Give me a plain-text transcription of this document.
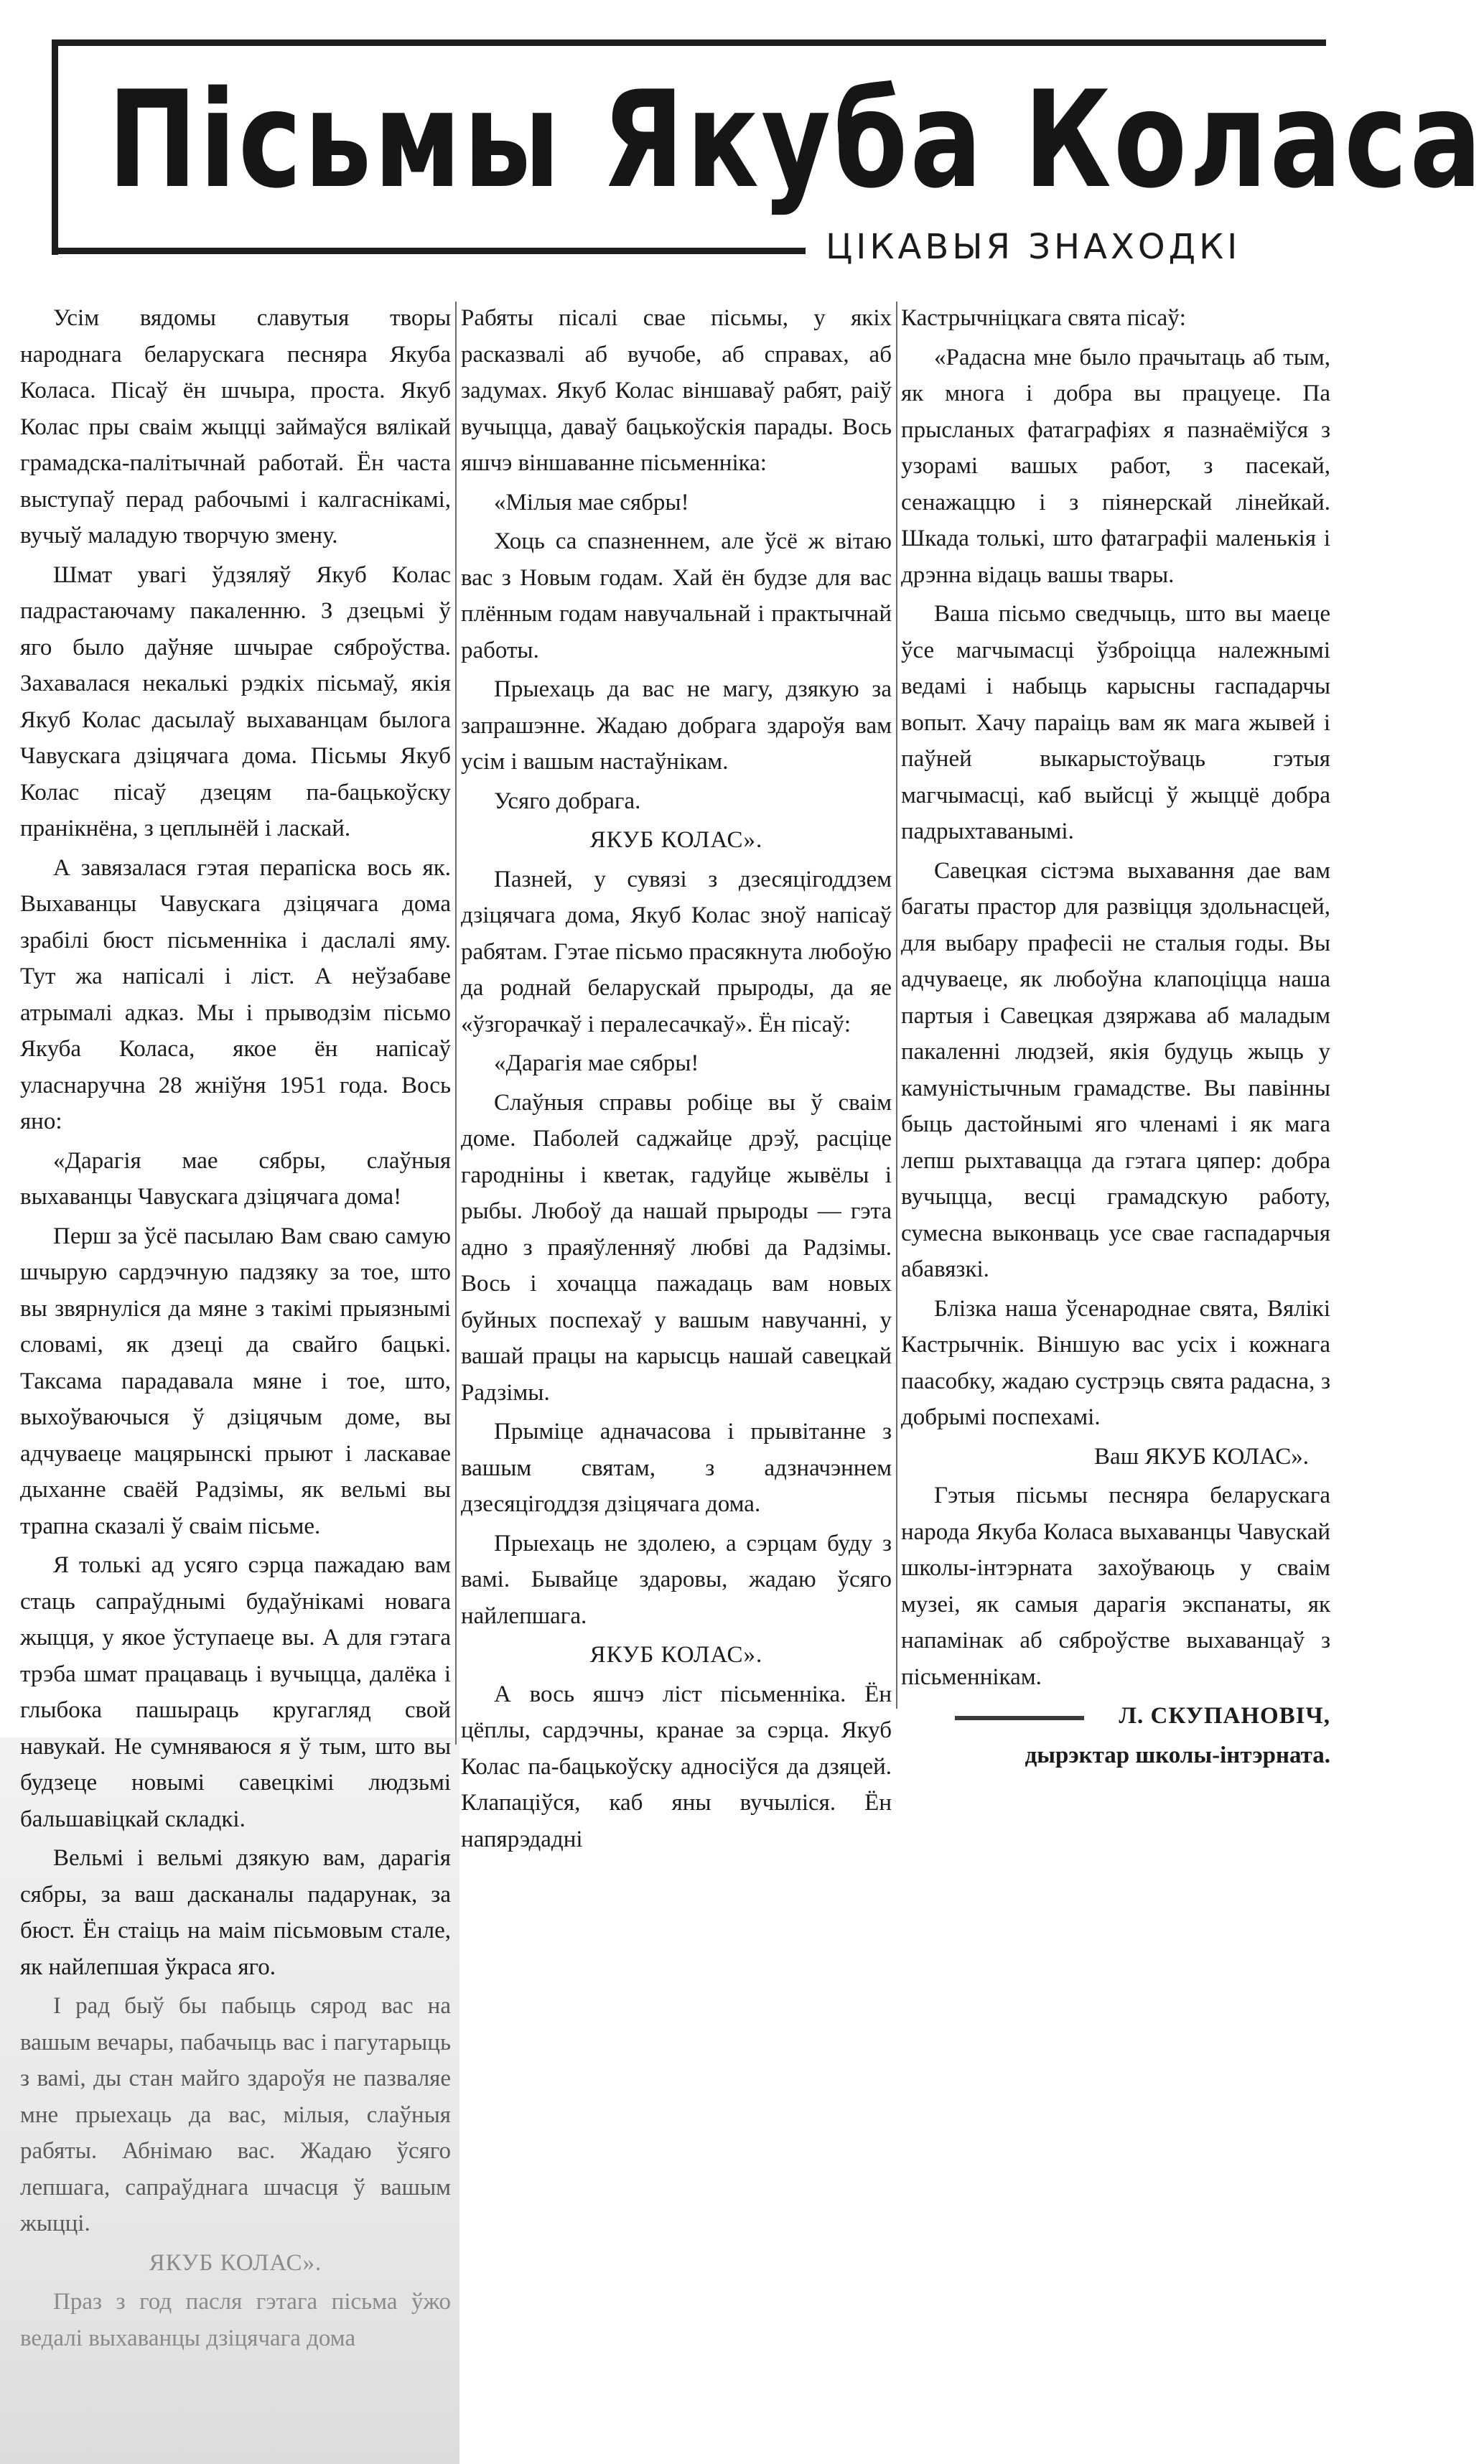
Пісьмы Якуба Коласа
ЦІКАВЫЯ ЗНАХОДКІ

Усім вядомы славутыя творы народнага беларускага песняра Якуба Коласа. Пісаў ён шчыра, проста. Якуб Колас пры сваім жыцці займаўся вялікай грамадска-палітычнай работай. Ён часта выступаў перад рабочымі і калгаснікамі, вучыў маладую творчую змену.

Шмат увагі ўдзяляў Якуб Колас падрастаючаму пакаленню. З дзецьмі ў яго было даўняе шчырае сяброўства. Захавалася некалькі рэдкіх пісьмаў, якія Якуб Колас дасылаў выхаванцам былога Чавускага дзіцячага дома. Пісьмы Якуб Колас пісаў дзецям па-бацькоўску пранікнёна, з цеплынёй і ласкай.

А завязалася гэтая перапіска вось як. Выхаванцы Чавускага дзіцячага дома зрабілі бюст пісьменніка і даслалі яму. Тут жа напісалі і ліст. А неўзабаве атрымалі адказ. Мы і прыводзім пісьмо Якуба Коласа, якое ён напісаў уласнаручна 28 жніўня 1951 года. Вось яно:

«Дарагія мае сябры, слаўныя выхаванцы Чавускага дзіцячага дома!

Перш за ўсё пасылаю Вам сваю самую шчырую сардэчную падзяку за тое, што вы звярнуліся да мяне з такімі прыязнымі словамі, як дзеці да свайго бацькі. Таксама парадавала мяне і тое, што, выхоўваючыся ў дзіцячым доме, вы адчуваеце мацярынскі прыют і ласкавае дыханне сваёй Радзімы, як вельмі вы трапна сказалі ў сваім пісьме.

Я толькі ад усяго сэрца пажадаю вам стаць сапраўднымі будаўнікамі новага жыцця, у якое ўступаеце вы. А для гэтага трэба шмат працаваць і вучыцца, далёка і глыбока пашыраць кругагляд свой навукай. Не сумняваюся я ў тым, што вы будзеце новымі савецкімі людзьмі бальшавіцкай складкі.

Вельмі і вельмі дзякую вам, дарагія сябры, за ваш дасканалы падарунак, за бюст. Ён стаіць на маім пісьмовым стале, як найлепшая ўкраса яго.

І рад быў бы пабыць сярод вас на вашым вечары, пабачыць вас і пагутарыць з вамі, ды стан майго здароўя не пазваляе мне прыехаць да вас, мілыя, слаўныя рабяты. Абнімаю вас. Жадаю ўсяго лепшага, сапраўднага шчасця ў вашым жыцці.

ЯКУБ КОЛАС».

Праз з год пасля гэтага пісьма ўжо ведалі выхаванцы дзіцячага дома

Рабяты пісалі свае пісьмы, у якіх расказвалі аб вучобе, аб справах, аб задумах. Якуб Колас віншаваў рабят, раіў вучыцца, даваў бацькоўскія парады. Вось яшчэ віншаванне пісьменніка:

«Мілыя мае сябры!

Хоць са спазненнем, але ўсё ж вітаю вас з Новым годам. Хай ён будзе для вас плённым годам навучальнай і практычнай работы.

Прыехаць да вас не магу, дзякую за запрашэнне. Жадаю добрага здароўя вам усім і вашым настаўнікам.

Усяго добрага.

ЯКУБ КОЛАС».

Пазней, у сувязі з дзесяцігоддзем дзіцячага дома, Якуб Колас зноў напісаў рабятам. Гэтае пісьмо прасякнута любоўю да роднай беларускай прыроды, да яе «ўзгорачкаў і пералесачкаў». Ён пісаў:

«Дарагія мае сябры!

Слаўныя справы робіце вы ў сваім доме. Паболей саджайце дрэў, расціце гароднiны і кветак, гадуйце жывёлы і рыбы. Любоў да нашай прыроды — гэта адно з праяўленняў любві да Радзімы. Вось і хочацца пажадаць вам новых буйных поспехаў у вашым навучанні, у вашай працы на карысць нашай савецкай Радзімы.

Прыміце адначасова і прывітанне з вашым святам, з адзначэннем дзесяцігоддзя дзіцячага дома.

Прыехаць не здолею, а сэрцам буду з вамі. Бывайце здаровы, жадаю ўсяго найлепшага.

ЯКУБ КОЛАС».

А вось яшчэ ліст пісьменніка. Ён цёплы, сардэчны, кранае за сэрца. Якуб Колас па-бацькоўску адносіўся да дзяцей. Клапаціўся, каб яны вучыліся. Ён напярэдадні

Кастрычніцкага свята пісаў:

«Радасна мне было прачытаць аб тым, як многа і добра вы працуеце. Па прысланых фатаграфіях я пазнаёміўся з узорамі вашых работ, з пасекай, сенажаццю і з піянерскай лінейкай. Шкада толькі, што фатаграфіі маленькія і дрэнна відаць вашы твары.

Ваша пісьмо сведчыць, што вы маеце ўсе магчымасці ўзброіцца належнымі ведамі і набыць карысны гаспадарчы вопыт. Хачу параіць вам як мага жывей і паўней выкарыстоўваць гэтыя магчымасці, каб выйсці ў жыццё добра падрыхтаванымі.

Савецкая сістэма выхавання дае вам багаты прастор для развіцця здольнасцей, для выбару прафесіі не сталыя годы. Вы адчуваеце, як любоўна клапоціцца наша партыя і Савецкая дзяржава аб маладым пакаленні людзей, якія будуць жыць у камуністычным грамадстве. Вы павінны быць дастойнымі яго членамі і як мага лепш рыхтавацца да гэтага цяпер: добра вучыцца, весці грамадскую работу, сумесна выконваць усе свае гаспадарчыя абавязкі.

Блізка наша ўсенароднае свята, Вялікі Кастрычнік. Віншую вас усіх і кожнага паасобку, жадаю сустрэць свята радасна, з добрымі поспехамі.

Ваш ЯКУБ КОЛАС».

Гэтыя пісьмы песняра беларускага народа Якуба Коласа выхаванцы Чавускай школы-інтэрната захоўваюць у сваім музеі, як самыя дарагія экспанаты, як напамінак аб сяброўстве выхаванцаў з пісьменнікам.

Л. СКУПАНОВІЧ,

дырэктар школы-інтэрната.
